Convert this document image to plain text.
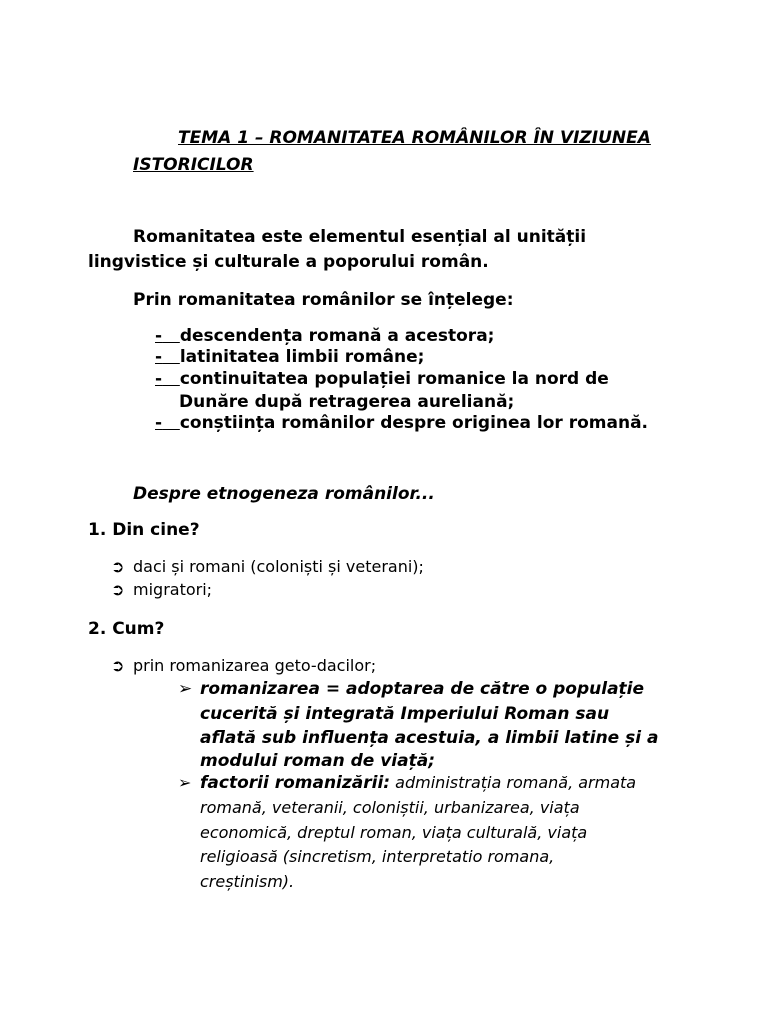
TEMA 1 – ROMANITATEA ROMÂNILOR ÎN VIZIUNEA
ISTORICILOR
Romanitatea este elementul esențial al unității
lingvistice și culturale a poporului român.
Prin romanitatea românilor se înțelege:
- descendența romană a acestora;
- latinitatea limbii române;
- continuitatea populației romanice la nord de
Dunăre după retragerea aureliană;
- conștiința românilor despre originea lor romană.
Despre etnogeneza românilor...
1. Din cine?
➲ daci și romani (coloniști și veterani);
➲ migratori;
2. Cum?
➲ prin romanizarea geto-dacilor;
➢ romanizarea = adoptarea de către o populație
cucerită și integrată Imperiului Roman sau
aflată sub influența acestuia, a limbii latine și a
modului roman de viață;
➢ factorii romanizării: administrația romană, armata
romană, veteranii, coloniștii, urbanizarea, viața
economică, dreptul roman, viața culturală, viața
religioasă (sincretism, interpretatio romana,
creștinism).
